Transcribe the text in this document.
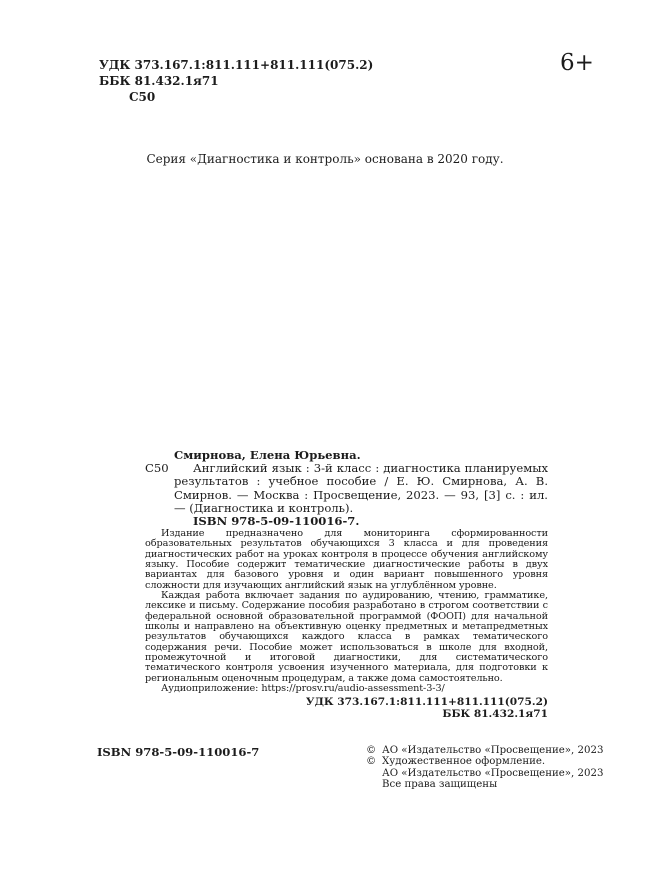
УДК 373.167.1:811.111+811.111(075.2)
ББК 81.432.1я71
С50
6+
Серия «Диагностика и контроль» основана в 2020 году.
С50
Смирнова, Елена Юрьевна.

Английский язык : 3-й класс : диагностика планируемых результатов : учебное пособие / Е. Ю. Смирнова, А. В. Смирнов. — Москва : Просвещение, 2023. — 93, [3] с. : ил. — (Диагностика и контроль).

ISBN 978-5-09-110016-7.

Издание предназначено для мониторинга сформированности образовательных результатов обучающихся 3 класса и для проведения диагностических работ на уроках контроля в процессе обучения английскому языку. Пособие содержит тематические диагностические работы в двух вариантах для базового уровня и один вариант повышенного уровня сложности для изучающих английский язык на углублённом уровне.

Каждая работа включает задания по аудированию, чтению, грамматике, лексике и письму. Содержание пособия разработано в строгом соответствии с федеральной основной образовательной программой (ФООП) для начальной школы и направлено на объективную оценку предметных и метапредметных результатов обучающихся каждого класса в рамках тематического содержания речи. Пособие может использоваться в школе для входной, промежуточной и итоговой диагностики, для систематического тематического контроля усвоения изученного материала, для подготовки к региональным оценочным процедурам, а также дома самостоятельно.

Аудиоприложение: https://prosv.ru/audio-assessment-3-3/

УДК 373.167.1:811.111+811.111(075.2)
ББК 81.432.1я71
ISBN 978-5-09-110016-7	© АО «Издательство «Просвещение», 2023
© Художественное оформление.
АО «Издательство «Просвещение», 2023
Все права защищены
